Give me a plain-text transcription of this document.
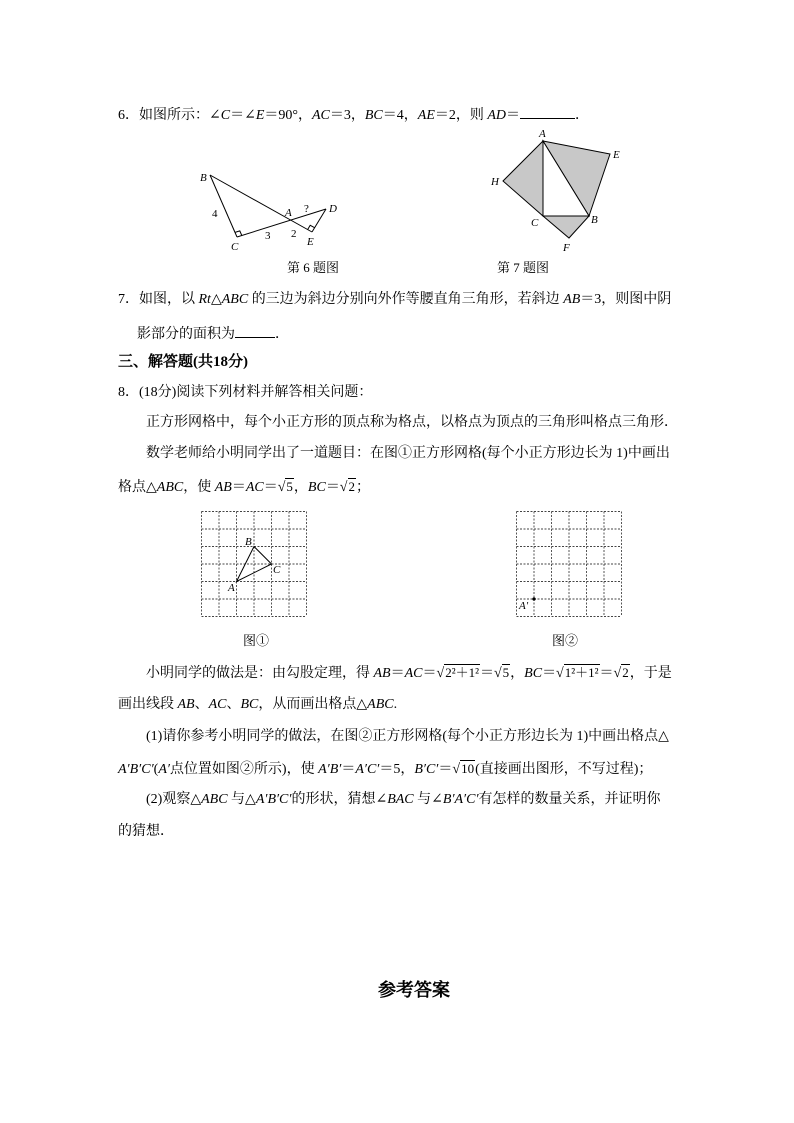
6．如图所示：∠C＝∠E＝90°，AC＝3，BC＝4，AE＝2，则 AD＝	．
B
4
C
3
A
2
? D
E
第 6 题图
A
E
H
C	B
F
第 7 题图
7．如图，以 Rt△ABC 的三边为斜边分别向外作等腰直角三角形，若斜边 AB＝3，则图中阴
影部分的面积为	．
三、解答题(共18分)
8．(18分)阅读下列材料并解答相关问题：
正方形网格中，每个小正方形的顶点称为格点，以格点为顶点的三角形叫格点三角形．
数学老师给小明同学出了一道题目：在图①正方形网格(每个小正方形边长为 1)中画出
格点△ABC，使 AB＝AC＝√5，BC＝√2；
B
C
A
图①
A′
图②
小明同学的做法是：由勾股定理，得 AB＝AC＝√2²＋1²＝√5，BC＝√1²＋1²＝√2，于是
画出线段 AB、AC、BC，从而画出格点△ABC.
(1)请你参考小明同学的做法，在图②正方形网格(每个小正方形边长为 1)中画出格点△
A′B′C′(A′点位置如图②所示)，使 A′B′＝A′C′＝5，B′C′＝√10(直接画出图形，不写过程)；
(2)观察△ABC 与△A′B′C′的形状，猜想∠BAC 与∠B′A′C′有怎样的数量关系，并证明你
的猜想．
参考答案
